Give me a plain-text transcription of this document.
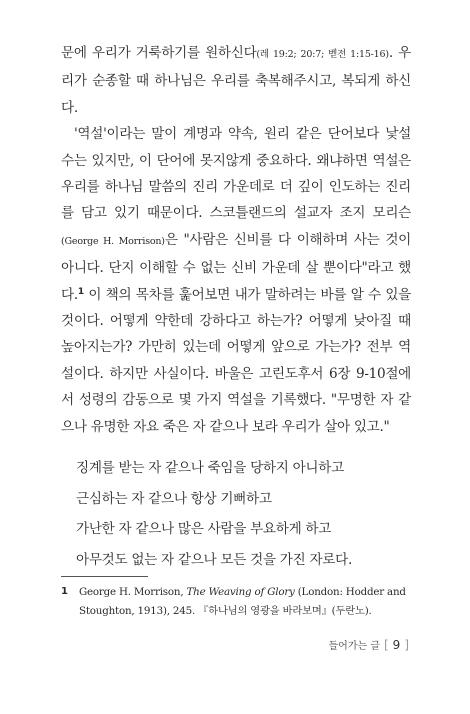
문에 우리가 거룩하기를 원하신다(레 19:2; 20:7; 벧전 1:15-16). 우리가 순종할 때 하나님은 우리를 축복해주시고, 복되게 하신다.

'역설'이라는 말이 계명과 약속, 원리 같은 단어보다 낯설 수는 있지만, 이 단어에 못지않게 중요하다. 왜냐하면 역설은 우리를 하나님 말씀의 진리 가운데로 더 깊이 인도하는 진리를 담고 있기 때문이다. 스코틀랜드의 설교자 조지 모리슨(George H. Morrison)은 "사람은 신비를 다 이해하며 사는 것이 아니다. 단지 이해할 수 없는 신비 가운데 살 뿐이다"라고 했다.$^1$ 이 책의 목차를 훑어보면 내가 말하려는 바를 알 수 있을 것이다. 어떻게 약한데 강하다고 하는가? 어떻게 낮아질 때 높아지는가? 가만히 있는데 어떻게 앞으로 가는가? 전부 역설이다. 하지만 사실이다. 바울은 고린도후서 6장 9-10절에서 성령의 감동으로 몇 가지 역설을 기록했다. "무명한 자 같으나 유명한 자요 죽은 자 같으나 보라 우리가 살아 있고."

징계를 받는 자 같으나 죽임을 당하지 아니하고
근심하는 자 같으나 항상 기뻐하고
가난한 자 같으나 많은 사람을 부요하게 하고
아무것도 없는 자 같으나 모든 것을 가진 자로다.
1 George H. Morrison, The Weaving of Glory (London: Hodder and Stoughton, 1913), 245. 『하나님의 영광을 바라보며』(두란노).
들어가는 글 [ 9 ]
